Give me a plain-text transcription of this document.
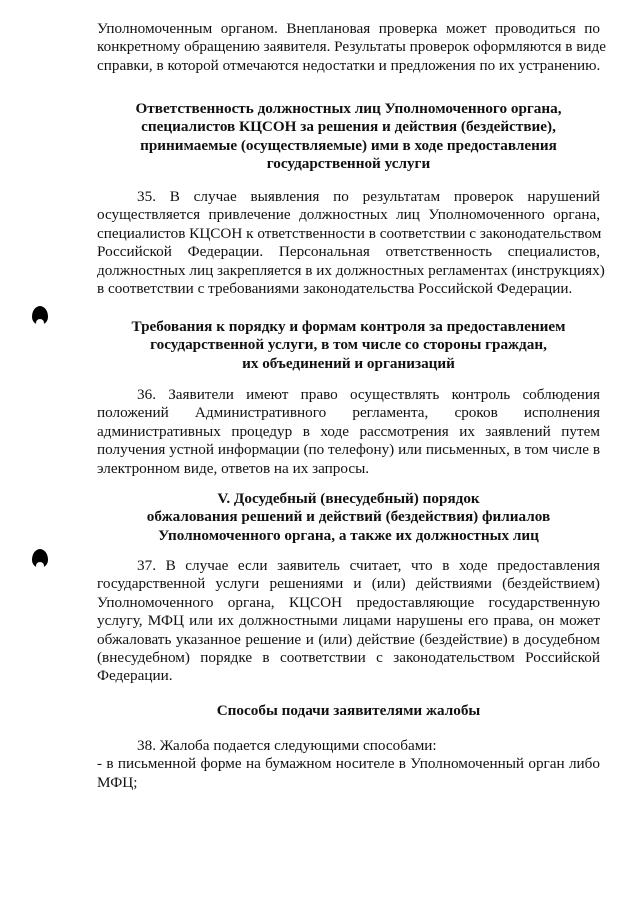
Уполномоченным органом. Внеплановая проверка может проводиться по
конкретному обращению заявителя. Результаты проверок оформляются в виде
справки, в которой отмечаются недостатки и предложения по их устранению.
Ответственность должностных лиц Уполномоченного органа,
специалистов КЦСОН за решения и действия (бездействие),
принимаемые (осуществляемые) ими в ходе предоставления
государственной услуги
35. В случае выявления по результатам проверок нарушений
осуществляется привлечение должностных лиц Уполномоченного органа,
специалистов КЦСОН к ответственности в соответствии с законодательством
Российской Федерации. Персональная ответственность специалистов,
должностных лиц закрепляется в их должностных регламентах (инструкциях)
в соответствии с требованиями законодательства Российской Федерации.
Требования к порядку и формам контроля за предоставлением
государственной услуги, в том числе со стороны граждан,
их объединений и организаций
36. Заявители имеют право осуществлять контроль соблюдения
положений Административного регламента, сроков исполнения
административных процедур в ходе рассмотрения их заявлений путем
получения устной информации (по телефону) или письменных, в том числе в
электронном виде, ответов на их запросы.
V. Досудебный (внесудебный) порядок
обжалования решений и действий (бездействия) филиалов
Уполномоченного органа, а также их должностных лиц
37. В случае если заявитель считает, что в ходе предоставления
государственной услуги решениями и (или) действиями (бездействием)
Уполномоченного органа, КЦСОН предоставляющие государственную
услугу, МФЦ или их должностными лицами нарушены его права, он может
обжаловать указанное решение и (или) действие (бездействие) в досудебном
(внесудебном) порядке в соответствии с законодательством Российской
Федерации.
Способы подачи заявителями жалобы
38. Жалоба подается следующими способами:
- в письменной форме на бумажном носителе в Уполномоченный орган либо
МФЦ;
